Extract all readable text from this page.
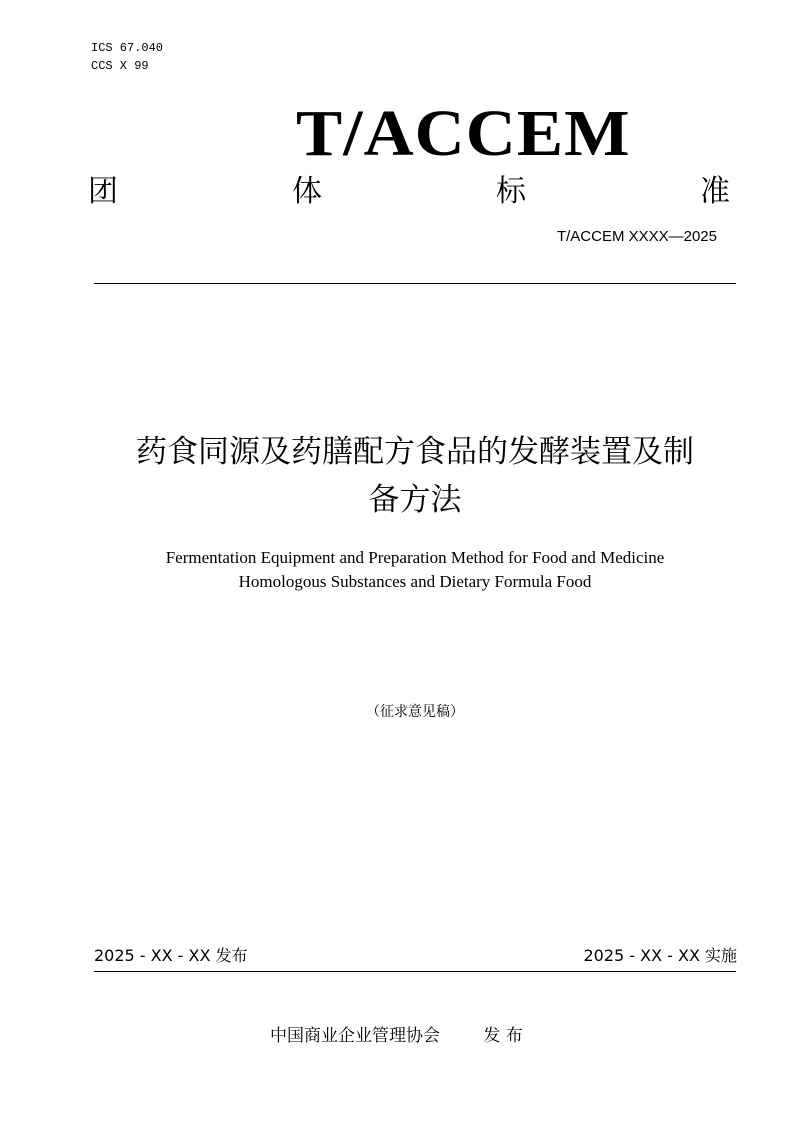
ICS 67.040
CCS X 99
T/ACCEM
团	体	标	准
T/ACCEM XXXX—2025
药食同源及药膳配方食品的发酵装置及制
备方法
Fermentation Equipment and Preparation Method for Food and Medicine
Homologous Substances and Dietary Formula Food
（征求意见稿）
2025 - XX - XX 发布	2025 - XX - XX 实施
中国商业企业管理协会	发 布
